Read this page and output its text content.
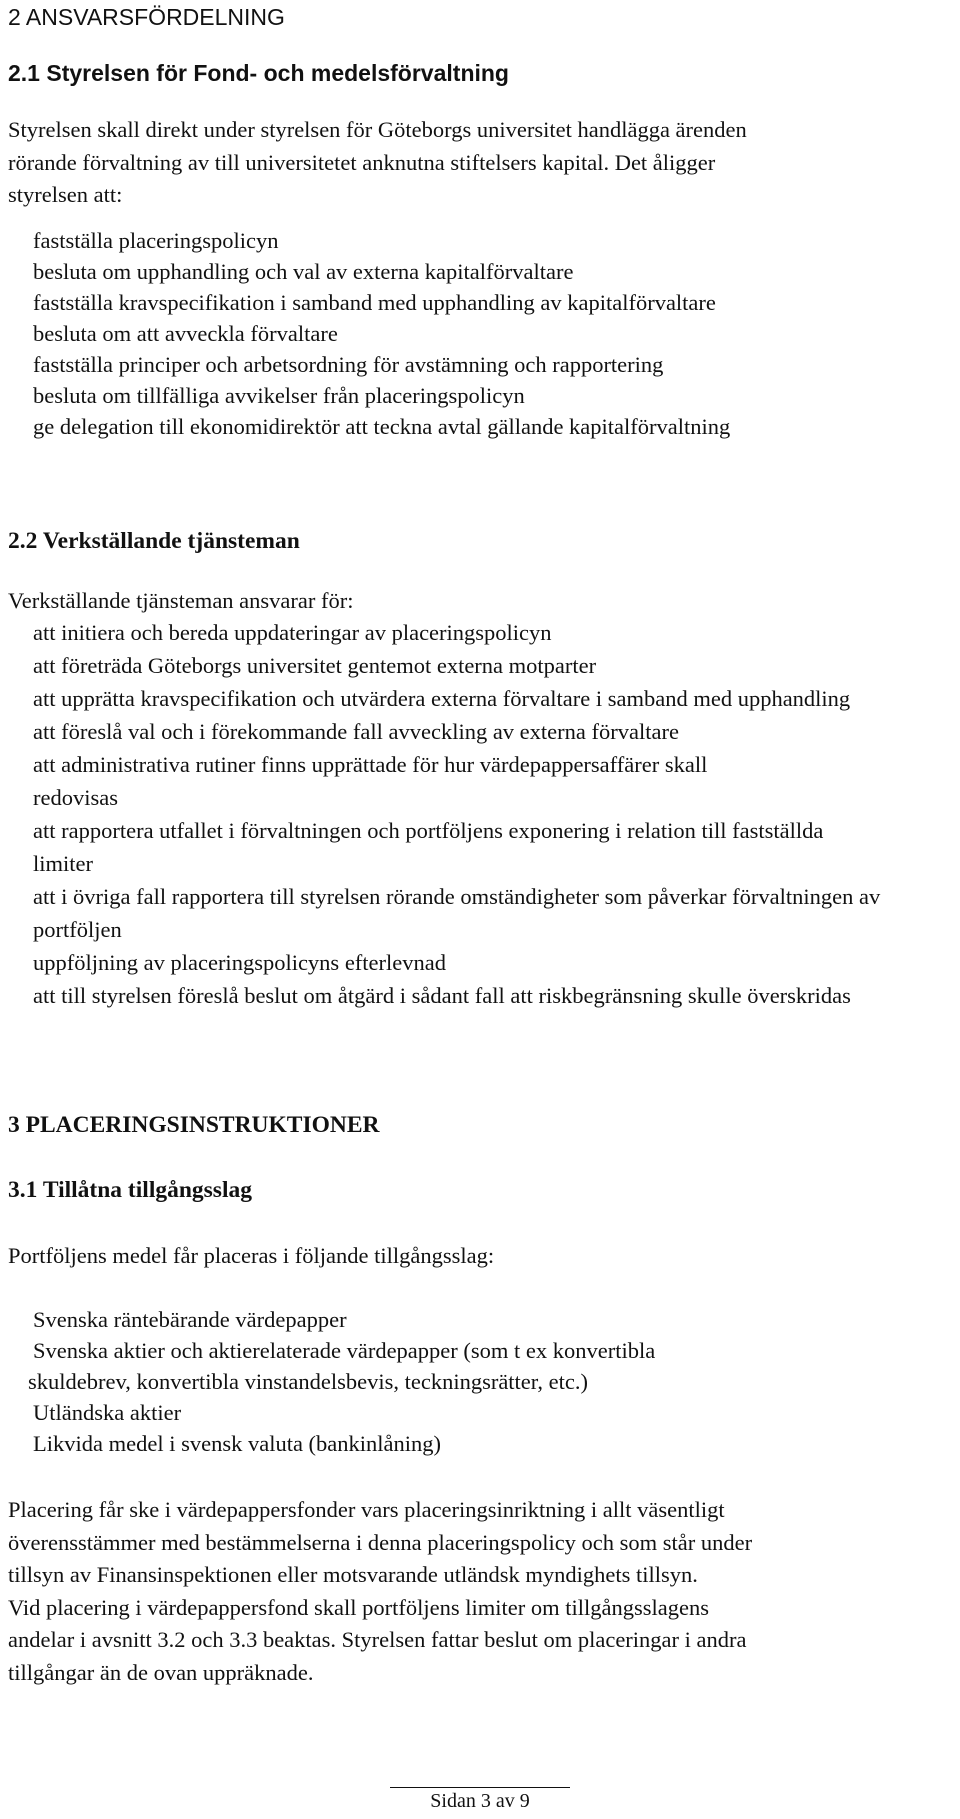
2 ANSVARSFÖRDELNING
2.1 Styrelsen för Fond- och medelsförvaltning

Styrelsen skall direkt under styrelsen för Göteborgs universitet handlägga ärenden
rörande förvaltning av till universitetet anknutna stiftelsers kapital. Det åligger
styrelsen att:

fastställa placeringspolicyn
besluta om upphandling och val av externa kapitalförvaltare
fastställa kravspecifikation i samband med upphandling av kapitalförvaltare
besluta om att avveckla förvaltare
fastställa principer och arbetsordning för avstämning och rapportering
besluta om tillfälliga avvikelser från placeringspolicyn
ge delegation till ekonomidirektör att teckna avtal gällande kapitalförvaltning
2.2 Verkställande tjänsteman

Verkställande tjänsteman ansvarar för:

att initiera och bereda uppdateringar av placeringspolicyn
att företräda Göteborgs universitet gentemot externa motparter
att upprätta kravspecifikation och utvärdera externa förvaltare i samband med upphandling
att föreslå val och i förekommande fall avveckling av externa förvaltare
att administrativa rutiner finns upprättade för hur värdepappersaffärer skall redovisas
att rapportera utfallet i förvaltningen och portföljens exponering i relation till fastställda limiter
att i övriga fall rapportera till styrelsen rörande omständigheter som påverkar förvaltningen av portföljen
uppföljning av placeringspolicyns efterlevnad
att till styrelsen föreslå beslut om åtgärd i sådant fall att riskbegränsning skulle överskridas
3 PLACERINGSINSTRUKTIONER
3.1 Tillåtna tillgångsslag

Portföljens medel får placeras i följande tillgångsslag:

Svenska räntebärande värdepapper
Svenska aktier och aktierelaterade värdepapper (som t ex konvertibla
skuldebrev, konvertibla vinstandelsbevis, teckningsrätter, etc.)
Utländska aktier
Likvida medel i svensk valuta (bankinlåning)

Placering får ske i värdepappersfonder vars placeringsinriktning i allt väsentligt
överensstämmer med bestämmelserna i denna placeringspolicy och som står under
tillsyn av Finansinspektionen eller motsvarande utländsk myndighets tillsyn.
Vid placering i värdepappersfond skall portföljens limiter om tillgångsslagens
andelar i avsnitt 3.2 och 3.3 beaktas. Styrelsen fattar beslut om placeringar i andra
tillgångar än de ovan uppräknade.

Sidan 3 av 9
